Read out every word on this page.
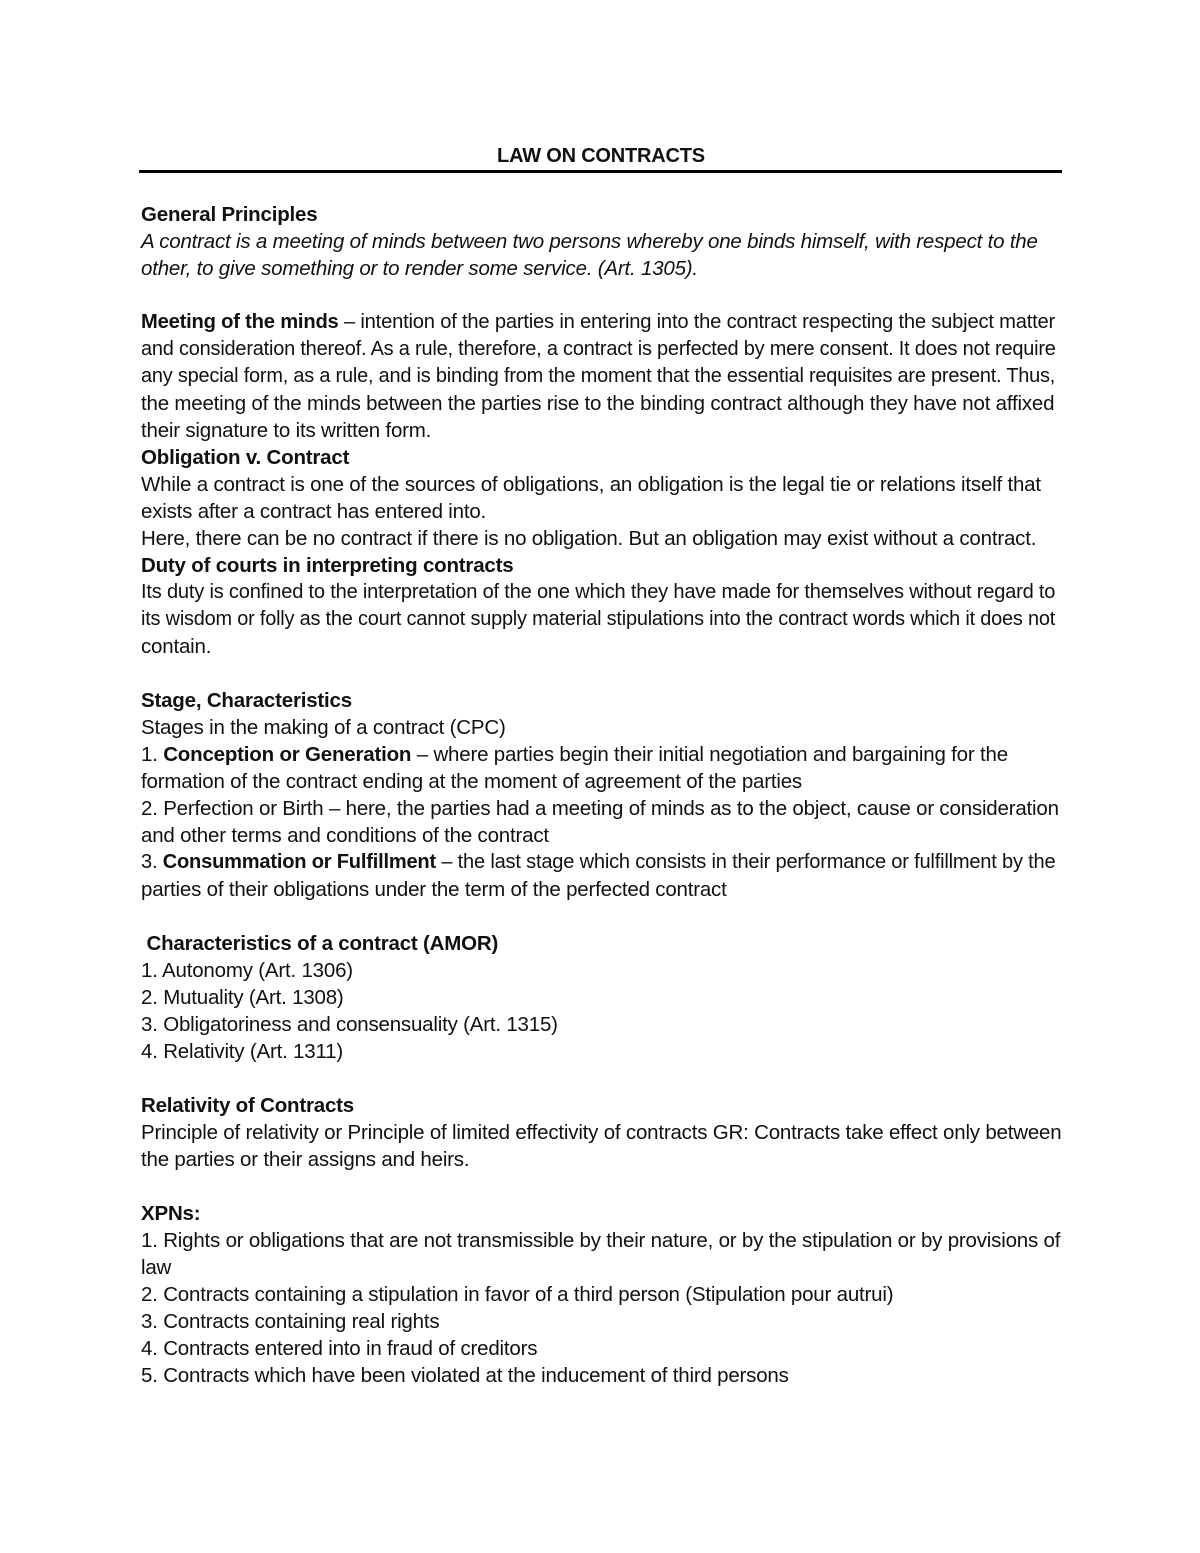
LAW ON CONTRACTS
General Principles
A contract is a meeting of minds between two persons whereby one binds himself, with respect to the
other, to give something or to render some service. (Art. 1305).
Meeting of the minds – intention of the parties in entering into the contract respecting the subject matter
and consideration thereof. As a rule, therefore, a contract is perfected by mere consent. It does not require
any special form, as a rule, and is binding from the moment that the essential requisites are present. Thus,
the meeting of the minds between the parties rise to the binding contract although they have not affixed
their signature to its written form.
Obligation v. Contract
While a contract is one of the sources of obligations, an obligation is the legal tie or relations itself that
exists after a contract has entered into.
Here, there can be no contract if there is no obligation. But an obligation may exist without a contract.
Duty of courts in interpreting contracts
Its duty is confined to the interpretation of the one which they have made for themselves without regard to
its wisdom or folly as the court cannot supply material stipulations into the contract words which it does not
contain.
Stage, Characteristics
Stages in the making of a contract (CPC)
1. Conception or Generation – where parties begin their initial negotiation and bargaining for the
formation of the contract ending at the moment of agreement of the parties
2. Perfection or Birth – here, the parties had a meeting of minds as to the object, cause or consideration
and other terms and conditions of the contract
3. Consummation or Fulfillment – the last stage which consists in their performance or fulfillment by the
parties of their obligations under the term of the perfected contract
Characteristics of a contract (AMOR)
1. Autonomy (Art. 1306)
2. Mutuality (Art. 1308)
3. Obligatoriness and consensuality (Art. 1315)
4. Relativity (Art. 1311)
Relativity of Contracts
Principle of relativity or Principle of limited effectivity of contracts GR: Contracts take effect only between
the parties or their assigns and heirs.
XPNs:
1. Rights or obligations that are not transmissible by their nature, or by the stipulation or by provisions of
law
2. Contracts containing a stipulation in favor of a third person (Stipulation pour autrui)
3. Contracts containing real rights
4. Contracts entered into in fraud of creditors
5. Contracts which have been violated at the inducement of third persons
